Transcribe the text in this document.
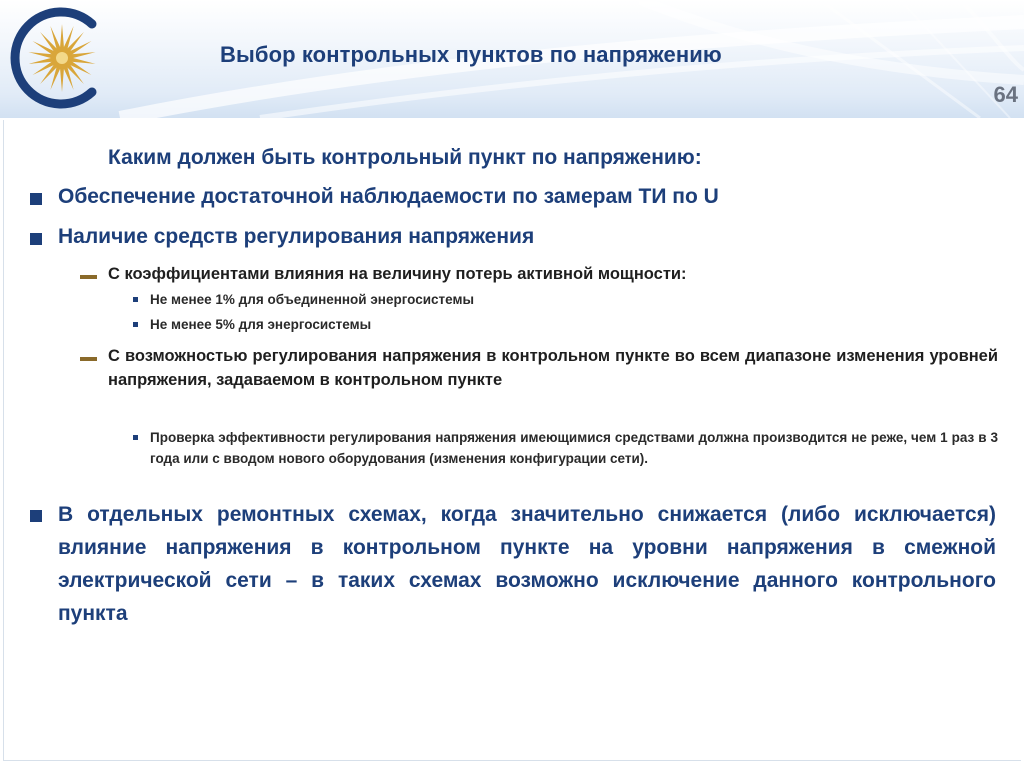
Выбор контрольных пунктов по напряжению
64
Каким должен быть контрольный пункт по напряжению:
Обеспечение достаточной наблюдаемости по замерам ТИ по U
Наличие средств регулирования напряжения
С коэффициентами влияния на величину потерь активной мощности:
Не менее 1% для объединенной энергосистемы
Не менее 5% для энергосистемы
С возможностью регулирования напряжения в контрольном пункте во всем диапазоне изменения уровней напряжения, задаваемом в контрольном пункте
Проверка эффективности регулирования напряжения имеющимися средствами должна производится не реже, чем 1 раз в 3 года или с вводом нового оборудования (изменения конфигурации сети).
В отдельных ремонтных схемах, когда значительно снижается (либо исключается) влияние напряжения в контрольном пункте на уровни напряжения в смежной электрической сети – в таких схемах возможно исключение данного контрольного пункта
